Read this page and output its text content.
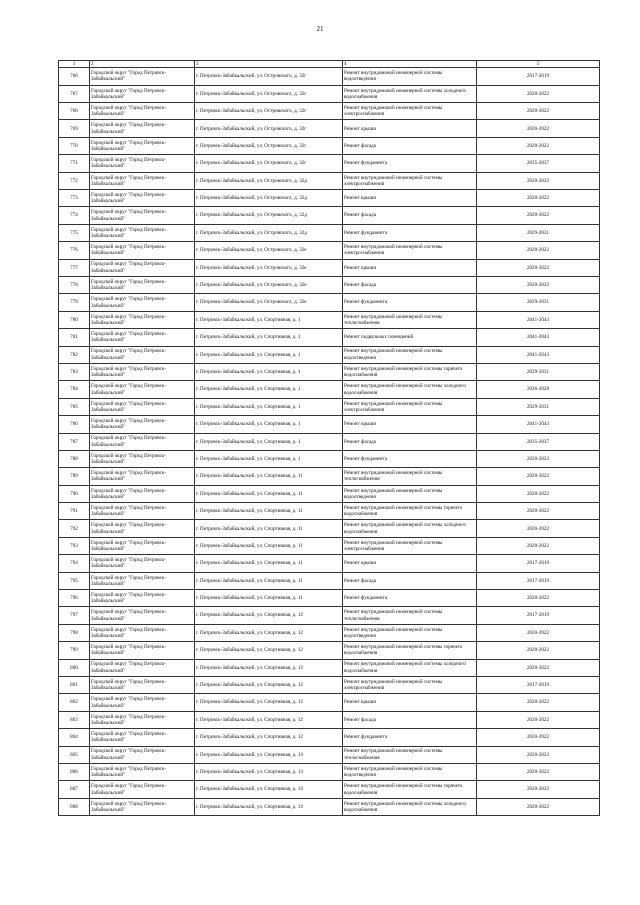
21
1	2	3	4	5
766	Городской округ "Город Петровск-Забайкальский"	г. Петровск-Забайкальский, ул. Островского, д. 32г	Ремонт внутридомовой инженерной системы водоотведения	2017-2019
767	Городской округ "Город Петровск-Забайкальский"	г. Петровск-Забайкальский, ул. Островского, д. 32г	Ремонт внутридомовой инженерной системы холодного водоснабжения	2020-2022
768	Городской округ "Город Петровск-Забайкальский"	г. Петровск-Забайкальский, ул. Островского, д. 32г	Ремонт внутридомовой инженерной системы электроснабжения	2020-2022
769	Городской округ "Город Петровск-Забайкальский"	г. Петровск-Забайкальский, ул. Островского, д. 32г	Ремонт крыши	2020-2022
770	Городской округ "Город Петровск-Забайкальский"	г. Петровск-Забайкальский, ул. Островского, д. 32г	Ремонт фасада	2020-2022
771	Городской округ "Город Петровск-Забайкальский"	г. Петровск-Забайкальский, ул. Островского, д. 32г	Ремонт фундамента	2035-2037
772	Городской округ "Город Петровск-Забайкальский"	г. Петровск-Забайкальский, ул. Островского, д. 32д	Ремонт внутридомовой инженерной системы электроснабжения	2020-2022
773	Городской округ "Город Петровск-Забайкальский"	г. Петровск-Забайкальский, ул. Островского, д. 32д	Ремонт крыши	2020-2022
774	Городской округ "Город Петровск-Забайкальский"	г. Петровск-Забайкальский, ул. Островского, д. 32д	Ремонт фасада	2020-2022
775	Городской округ "Город Петровск-Забайкальский"	г. Петровск-Забайкальский, ул. Островского, д. 32д	Ремонт фундамента	2029-2031
776	Городской округ "Город Петровск-Забайкальский"	г. Петровск-Забайкальский, ул. Островского, д. 32е	Ремонт внутридомовой инженерной системы электроснабжения	2020-2022
777	Городской округ "Город Петровск-Забайкальский"	г. Петровск-Забайкальский, ул. Островского, д. 32е	Ремонт крыши	2020-2022
778	Городской округ "Город Петровск-Забайкальский"	г. Петровск-Забайкальский, ул. Островского, д. 32е	Ремонт фасада	2020-2022
779	Городской округ "Город Петровск-Забайкальский"	г. Петровск-Забайкальский, ул. Островского, д. 32е	Ремонт фундамента	2029-2031
780	Городской округ "Город Петровск-Забайкальский"	г. Петровск-Забайкальский, ул. Спортивная, д. 1	Ремонт внутридомовой инженерной системы теплоснабжения	2041-2043
781	Городской округ "Город Петровск-Забайкальский"	г. Петровск-Забайкальский, ул. Спортивная, д. 1	Ремонт подвальных помещений	2041-2043
782	Городской округ "Город Петровск-Забайкальский"	г. Петровск-Забайкальский, ул. Спортивная, д. 1	Ремонт внутридомовой инженерной системы водоотведения	2041-2043
783	Городской округ "Город Петровск-Забайкальский"	г. Петровск-Забайкальский, ул. Спортивная, д. 1	Ремонт внутридомовой инженерной системы горячего водоснабжения	2029-2031
784	Городской округ "Город Петровск-Забайкальский"	г. Петровск-Забайкальский, ул. Спортивная, д. 1	Ремонт внутридомовой инженерной системы холодного водоснабжения	2026-2028
785	Городской округ "Город Петровск-Забайкальский"	г. Петровск-Забайкальский, ул. Спортивная, д. 1	Ремонт внутридомовой инженерной системы электроснабжения	2029-2031
786	Городской округ "Город Петровск-Забайкальский"	г. Петровск-Забайкальский, ул. Спортивная, д. 1	Ремонт крыши	2041-2043
787	Городской округ "Город Петровск-Забайкальский"	г. Петровск-Забайкальский, ул. Спортивная, д. 1	Ремонт фасада	2035-2037
788	Городской округ "Город Петровск-Забайкальский"	г. Петровск-Забайкальский, ул. Спортивная, д. 1	Ремонт фундамента	2020-2022
789	Городской округ "Город Петровск-Забайкальский"	г. Петровск-Забайкальский, ул. Спортивная, д. 11	Ремонт внутридомовой инженерной системы теплоснабжения	2020-2022
790	Городской округ "Город Петровск-Забайкальский"	г. Петровск-Забайкальский, ул. Спортивная, д. 11	Ремонт внутридомовой инженерной системы водоотведения	2020-2022
791	Городской округ "Город Петровск-Забайкальский"	г. Петровск-Забайкальский, ул. Спортивная, д. 11	Ремонт внутридомовой инженерной системы горячего водоснабжения	2020-2022
792	Городской округ "Город Петровск-Забайкальский"	г. Петровск-Забайкальский, ул. Спортивная, д. 11	Ремонт внутридомовой инженерной системы холодного водоснабжения	2020-2022
793	Городской округ "Город Петровск-Забайкальский"	г. Петровск-Забайкальский, ул. Спортивная, д. 11	Ремонт внутридомовой инженерной системы электроснабжения	2020-2022
794	Городской округ "Город Петровск-Забайкальский"	г. Петровск-Забайкальский, ул. Спортивная, д. 11	Ремонт крыши	2017-2019
795	Городской округ "Город Петровск-Забайкальский"	г. Петровск-Забайкальский, ул. Спортивная, д. 11	Ремонт фасада	2017-2019
796	Городской округ "Город Петровск-Забайкальский"	г. Петровск-Забайкальский, ул. Спортивная, д. 11	Ремонт фундамента	2020-2022
797	Городской округ "Город Петровск-Забайкальский"	г. Петровск-Забайкальский, ул. Спортивная, д. 12	Ремонт внутридомовой инженерной системы теплоснабжения	2017-2019
798	Городской округ "Город Петровск-Забайкальский"	г. Петровск-Забайкальский, ул. Спортивная, д. 12	Ремонт внутридомовой инженерной системы водоотведения	2020-2022
799	Городской округ "Город Петровск-Забайкальский"	г. Петровск-Забайкальский, ул. Спортивная, д. 12	Ремонт внутридомовой инженерной системы горячего водоснабжения	2020-2022
800	Городской округ "Город Петровск-Забайкальский"	г. Петровск-Забайкальский, ул. Спортивная, д. 12	Ремонт внутридомовой инженерной системы холодного водоснабжения	2020-2022
801	Городской округ "Город Петровск-Забайкальский"	г. Петровск-Забайкальский, ул. Спортивная, д. 12	Ремонт внутридомовой инженерной системы электроснабжения	2017-2019
802	Городской округ "Город Петровск-Забайкальский"	г. Петровск-Забайкальский, ул. Спортивная, д. 12	Ремонт крыши	2020-2022
803	Городской округ "Город Петровск-Забайкальский"	г. Петровск-Забайкальский, ул. Спортивная, д. 12	Ремонт фасада	2020-2022
804	Городской округ "Город Петровск-Забайкальский"	г. Петровск-Забайкальский, ул. Спортивная, д. 12	Ремонт фундамента	2020-2022
805	Городской округ "Город Петровск-Забайкальский"	г. Петровск-Забайкальский, ул. Спортивная, д. 13	Ремонт внутридомовой инженерной системы теплоснабжения	2020-2022
806	Городской округ "Город Петровск-Забайкальский"	г. Петровск-Забайкальский, ул. Спортивная, д. 13	Ремонт внутридомовой инженерной системы водоотведения	2020-2022
807	Городской округ "Город Петровск-Забайкальский"	г. Петровск-Забайкальский, ул. Спортивная, д. 13	Ремонт внутридомовой инженерной системы горячего водоснабжения	2020-2022
808	Городской округ "Город Петровск-Забайкальский"	г. Петровск-Забайкальский, ул. Спортивная, д. 13	Ремонт внутридомовой инженерной системы холодного водоснабжения	2020-2022
